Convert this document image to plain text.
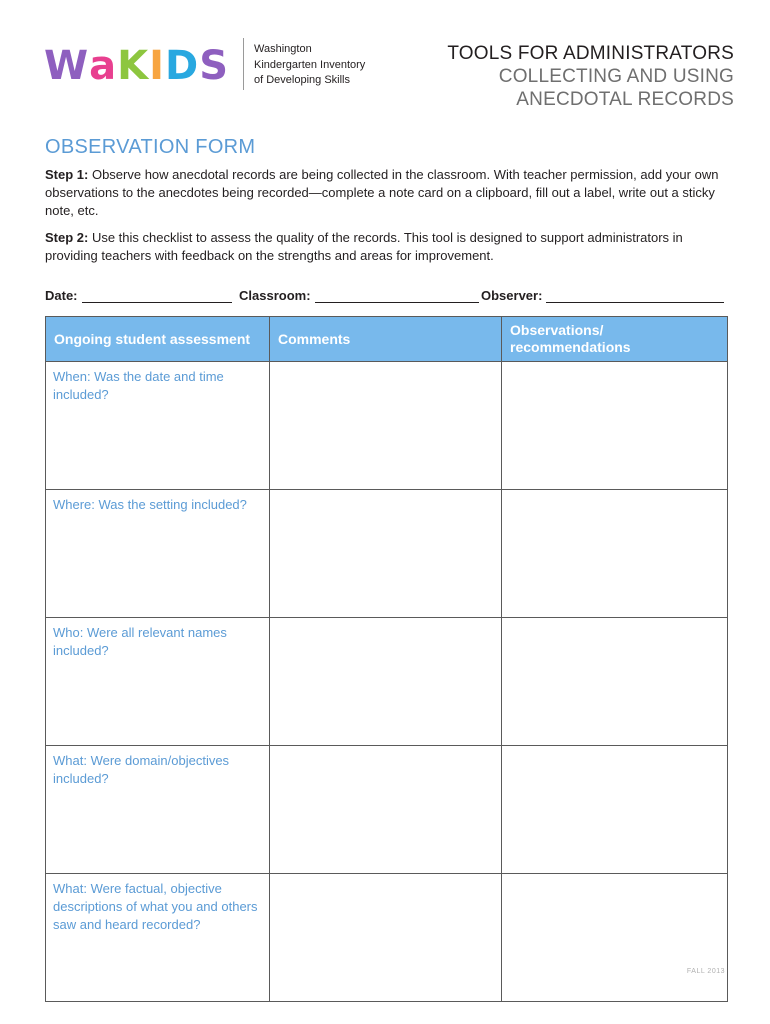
WaKIDS Washington
Kindergarten Inventory
of Developing Skills
TOOLS FOR ADMINISTRATORS
COLLECTING AND USING
ANECDOTAL RECORDS
OBSERVATION FORM
Step 1: Observe how anecdotal records are being collected in the classroom. With teacher permission, add your own observations to the anecdotes being recorded—complete a note card on a clipboard, fill out a label, write out a sticky note, etc.
Step 2: Use this checklist to assess the quality of the records. This tool is designed to support administrators in providing teachers with feedback on the strengths and areas for improvement.
Date:	Classroom:	Observer:
Ongoing student assessment	Comments	Observations/ recommendations
When: Was the date and time included?		
Where: Was the setting included?		
Who: Were all relevant names included?		
What: Were domain/objectives included?		
What: Were factual, objective descriptions of what you and others saw and heard recorded?		
FALL 2013
